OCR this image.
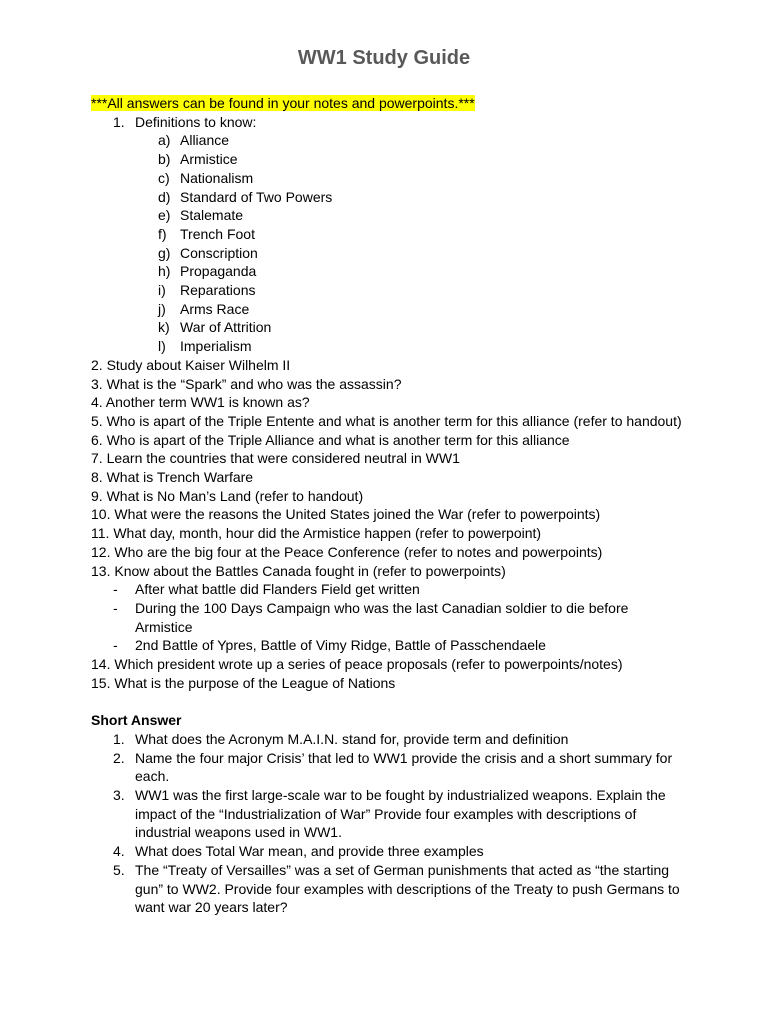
WW1 Study Guide
***All answers can be found in your notes and powerpoints.***
1. Definitions to know:
a) Alliance
b) Armistice
c) Nationalism
d) Standard of Two Powers
e) Stalemate
f) Trench Foot
g) Conscription
h) Propaganda
i)	Reparations
j)	Arms Race
k) War of Attrition
l)	Imperialism
2. Study about Kaiser Wilhelm II
3. What is the “Spark” and who was the assassin?
4. Another term WW1 is known as?
5. Who is apart of the Triple Entente and what is another term for this alliance (refer to handout)
6. Who is apart of the Triple Alliance and what is another term for this alliance
7. Learn the countries that were considered neutral in WW1
8. What is Trench Warfare
9. What is No Man’s Land (refer to handout)
10. What were the reasons the United States joined the War (refer to powerpoints)
11. What day, month, hour did the Armistice happen (refer to powerpoint)
12. Who are the big four at the Peace Conference (refer to notes and powerpoints)
13. Know about the Battles Canada fought in (refer to powerpoints)
-	After what battle did Flanders Field get written
-	During the 100 Days Campaign who was the last Canadian soldier to die before Armistice
-	2nd Battle of Ypres, Battle of Vimy Ridge, Battle of Passchendaele
14. Which president wrote up a series of peace proposals (refer to powerpoints/notes)
15. What is the purpose of the League of Nations
Short Answer
1. What does the Acronym M.A.I.N. stand for, provide term and definition
2. Name the four major Crisis’ that led to WW1 provide the crisis and a short summary for each.
3. WW1 was the first large-scale war to be fought by industrialized weapons. Explain the impact of the “Industrialization of War” Provide four examples with descriptions of industrial weapons used in WW1.
4. What does Total War mean, and provide three examples
5. The “Treaty of Versailles” was a set of German punishments that acted as “the starting gun” to WW2. Provide four examples with descriptions of the Treaty to push Germans to want war 20 years later?
